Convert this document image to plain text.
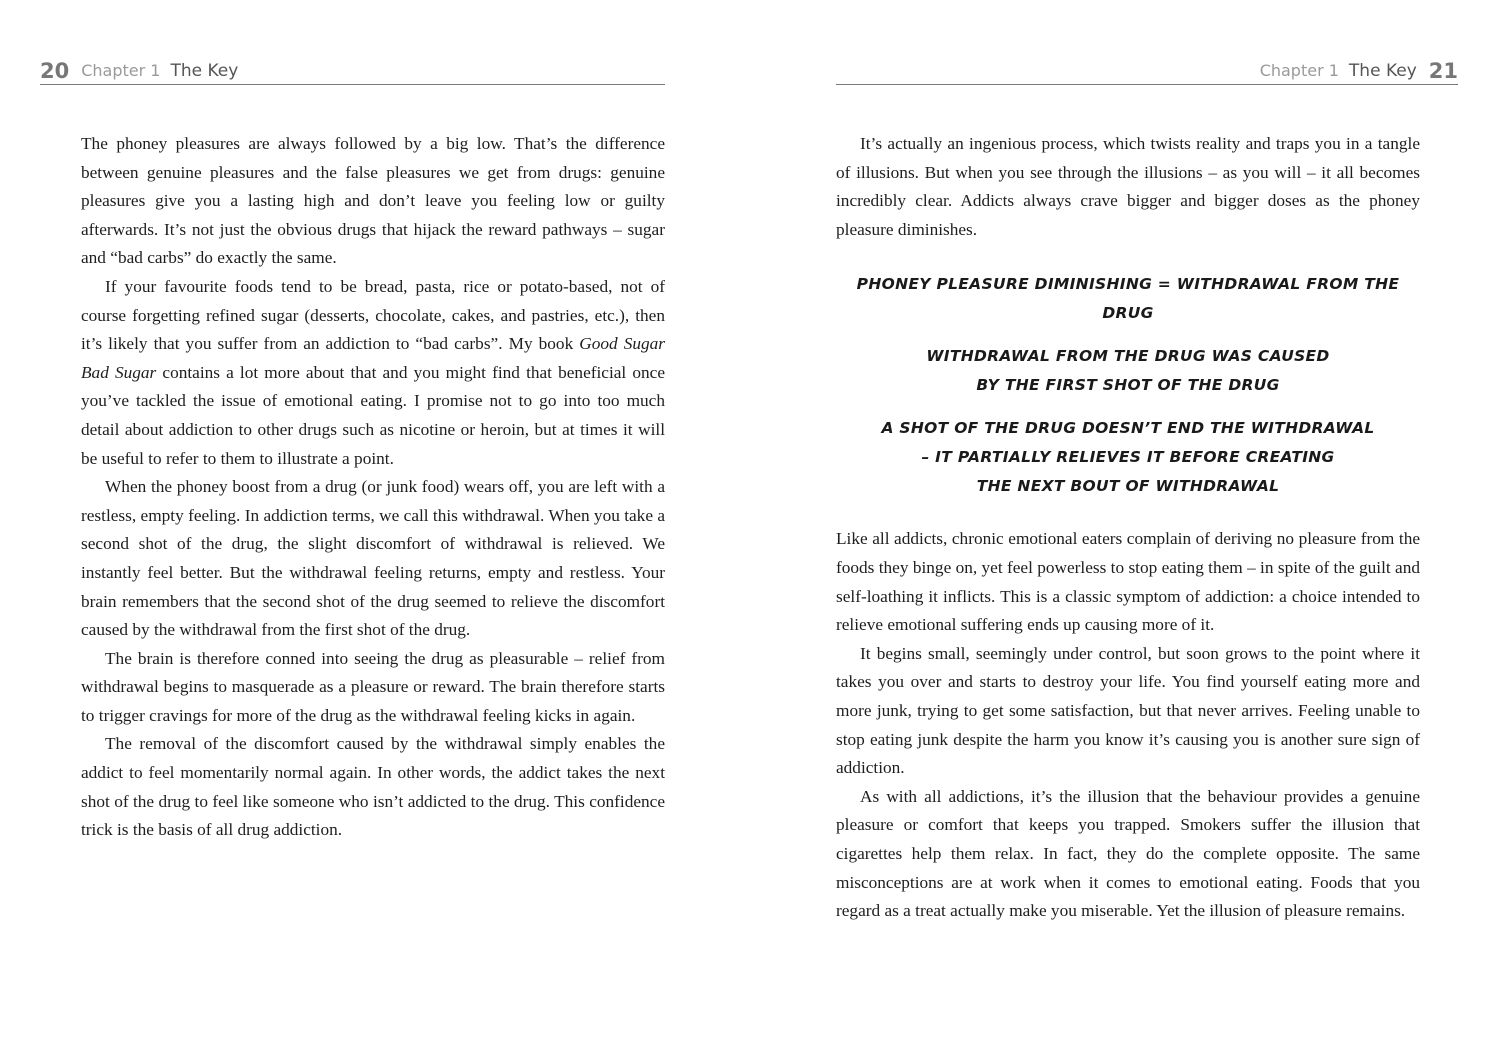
20 Chapter 1 The Key	Chapter 1 The Key 21

The phoney pleasures are always followed by a big low. That’s the difference between genuine pleasures and the false pleasures we get from drugs: genuine pleasures give you a lasting high and don’t leave you feeling low or guilty afterwards. It’s not just the obvious drugs that hijack the reward pathways – sugar and “bad carbs” do exactly the same.

If your favourite foods tend to be bread, pasta, rice or potato-based, not of course forgetting refined sugar (desserts, chocolate, cakes, and pastries, etc.), then it’s likely that you suffer from an addiction to “bad carbs”. My book Good Sugar Bad Sugar contains a lot more about that and you might find that beneficial once you’ve tackled the issue of emotional eating. I promise not to go into too much detail about addiction to other drugs such as nicotine or heroin, but at times it will be useful to refer to them to illustrate a point.

When the phoney boost from a drug (or junk food) wears off, you are left with a restless, empty feeling. In addiction terms, we call this withdrawal. When you take a second shot of the drug, the slight discomfort of withdrawal is relieved. We instantly feel better. But the withdrawal feeling returns, empty and restless. Your brain remembers that the second shot of the drug seemed to relieve the discomfort caused by the withdrawal from the first shot of the drug.

The brain is therefore conned into seeing the drug as pleasurable – relief from withdrawal begins to masquerade as a pleasure or reward. The brain therefore starts to trigger cravings for more of the drug as the withdrawal feeling kicks in again.

The removal of the discomfort caused by the withdrawal simply enables the addict to feel momentarily normal again. In other words, the addict takes the next shot of the drug to feel like someone who isn’t addicted to the drug. This confidence trick is the basis of all drug addiction.

It’s actually an ingenious process, which twists reality and traps you in a tangle of illusions. But when you see through the illusions – as you will – it all becomes incredibly clear. Addicts always crave bigger and bigger doses as the phoney pleasure diminishes.

PHONEY PLEASURE DIMINISHING = WITHDRAWAL FROM THE DRUG
WITHDRAWAL FROM THE DRUG WAS CAUSED
BY THE FIRST SHOT OF THE DRUG
A SHOT OF THE DRUG DOESN’T END THE WITHDRAWAL
– IT PARTIALLY RELIEVES IT BEFORE CREATING
THE NEXT BOUT OF WITHDRAWAL

Like all addicts, chronic emotional eaters complain of deriving no pleasure from the foods they binge on, yet feel powerless to stop eating them – in spite of the guilt and self-loathing it inflicts. This is a classic symptom of addiction: a choice intended to relieve emotional suffering ends up causing more of it.

It begins small, seemingly under control, but soon grows to the point where it takes you over and starts to destroy your life. You find yourself eating more and more junk, trying to get some satisfaction, but that never arrives. Feeling unable to stop eating junk despite the harm you know it’s causing you is another sure sign of addiction.

As with all addictions, it’s the illusion that the behaviour provides a genuine pleasure or comfort that keeps you trapped. Smokers suffer the illusion that cigarettes help them relax. In fact, they do the complete opposite. The same misconceptions are at work when it comes to emotional eating. Foods that you regard as a treat actually make you miserable. Yet the illusion of pleasure remains.
